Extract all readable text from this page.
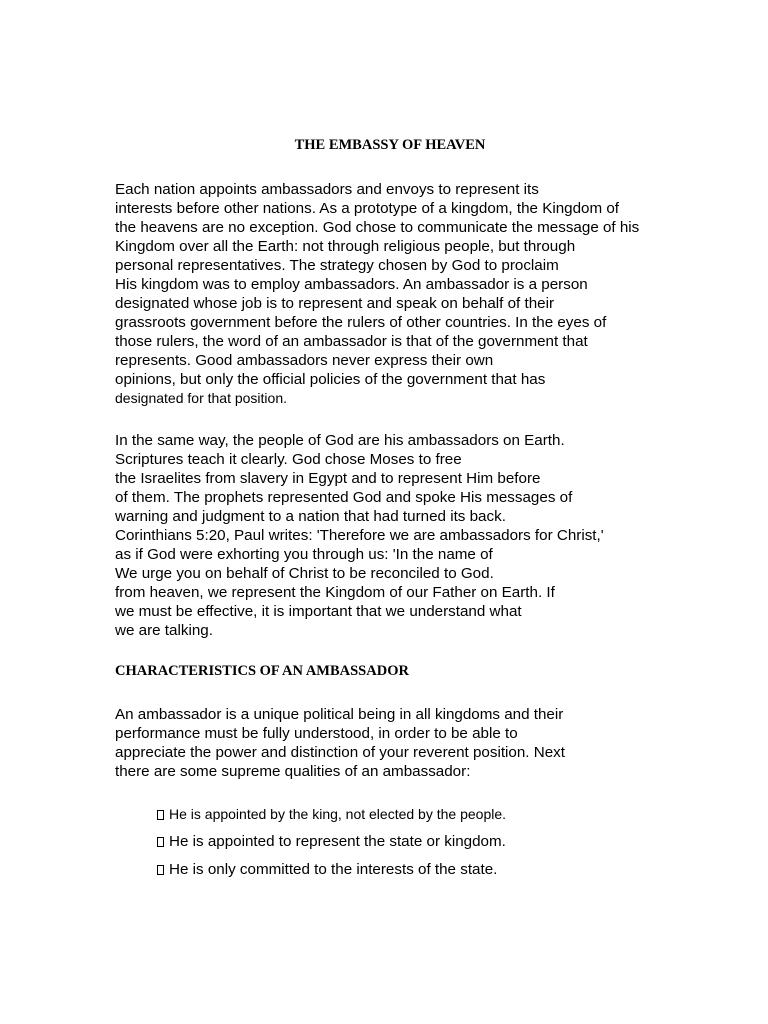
THE EMBASSY OF HEAVEN

Each nation appoints ambassadors and envoys to represent its
interests before other nations. As a prototype of a kingdom, the Kingdom of
the heavens are no exception. God chose to communicate the message of his
Kingdom over all the Earth: not through religious people, but through
personal representatives. The strategy chosen by God to proclaim
His kingdom was to employ ambassadors. An ambassador is a person
designated whose job is to represent and speak on behalf of their
grassroots government before the rulers of other countries. In the eyes of
those rulers, the word of an ambassador is that of the government that
represents. Good ambassadors never express their own
opinions, but only the official policies of the government that has
designated for that position.

In the same way, the people of God are his ambassadors on Earth.
Scriptures teach it clearly. God chose Moses to free
the Israelites from slavery in Egypt and to represent Him before
of them. The prophets represented God and spoke His messages of
warning and judgment to a nation that had turned its back.
Corinthians 5:20, Paul writes: 'Therefore we are ambassadors for Christ,'
as if God were exhorting you through us: 'In the name of
We urge you on behalf of Christ to be reconciled to God.
from heaven, we represent the Kingdom of our Father on Earth. If
we must be effective, it is important that we understand what
we are talking.

CHARACTERISTICS OF AN AMBASSADOR

An ambassador is a unique political being in all kingdoms and their
performance must be fully understood, in order to be able to
appreciate the power and distinction of your reverent position. Next
there are some supreme qualities of an ambassador:

He is appointed by the king, not elected by the people.
He is appointed to represent the state or kingdom.
He is only committed to the interests of the state.
